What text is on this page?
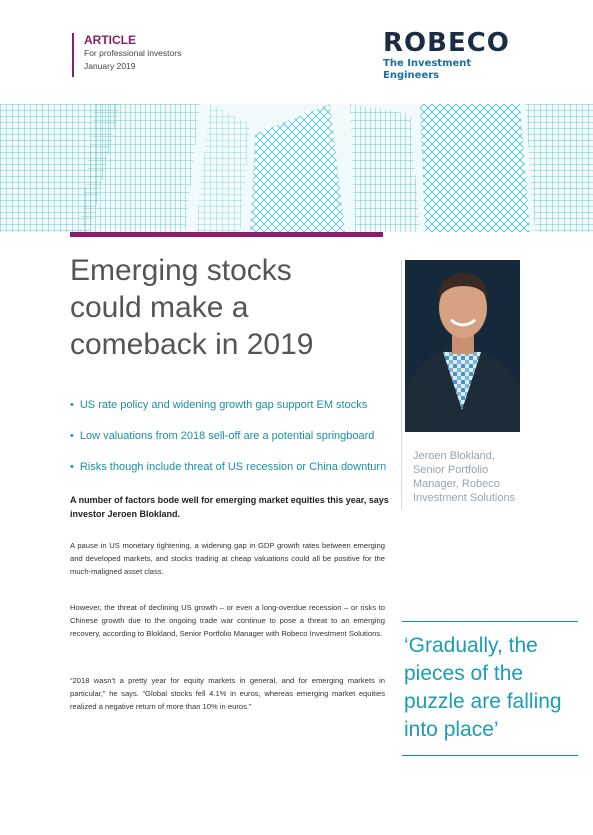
ARTICLE
For professional investors
January 2019
ROBECO
The Investment Engineers
Emerging stocks
could make a
comeback in 2019
• US rate policy and widening growth gap support EM stocks
• Low valuations from 2018 sell-off are a potential springboard
• Risks though include threat of US recession or China downturn
Jeroen Blokland,
Senior Portfolio
Manager, Robeco
Investment Solutions
A number of factors bode well for emerging market equities this year, says investor Jeroen Blokland.
A pause in US monetary tightening, a widening gap in GDP growth rates between emerging and developed markets, and stocks trading at cheap valuations could all be positive for the much-maligned asset class.
However, the threat of declining US growth – or even a long-overdue recession – or risks to Chinese growth due to the ongoing trade war continue to pose a threat to an emerging recovery, according to Blokland, Senior Portfolio Manager with Robeco Investment Solutions.
“2018 wasn’t a pretty year for equity markets in general, and for emerging markets in particular,” he says. “Global stocks fell 4.1% in euros, whereas emerging market equities realized a negative return of more than 10% in euros.”
‘Gradually, the
pieces of the
puzzle are falling
into place’
